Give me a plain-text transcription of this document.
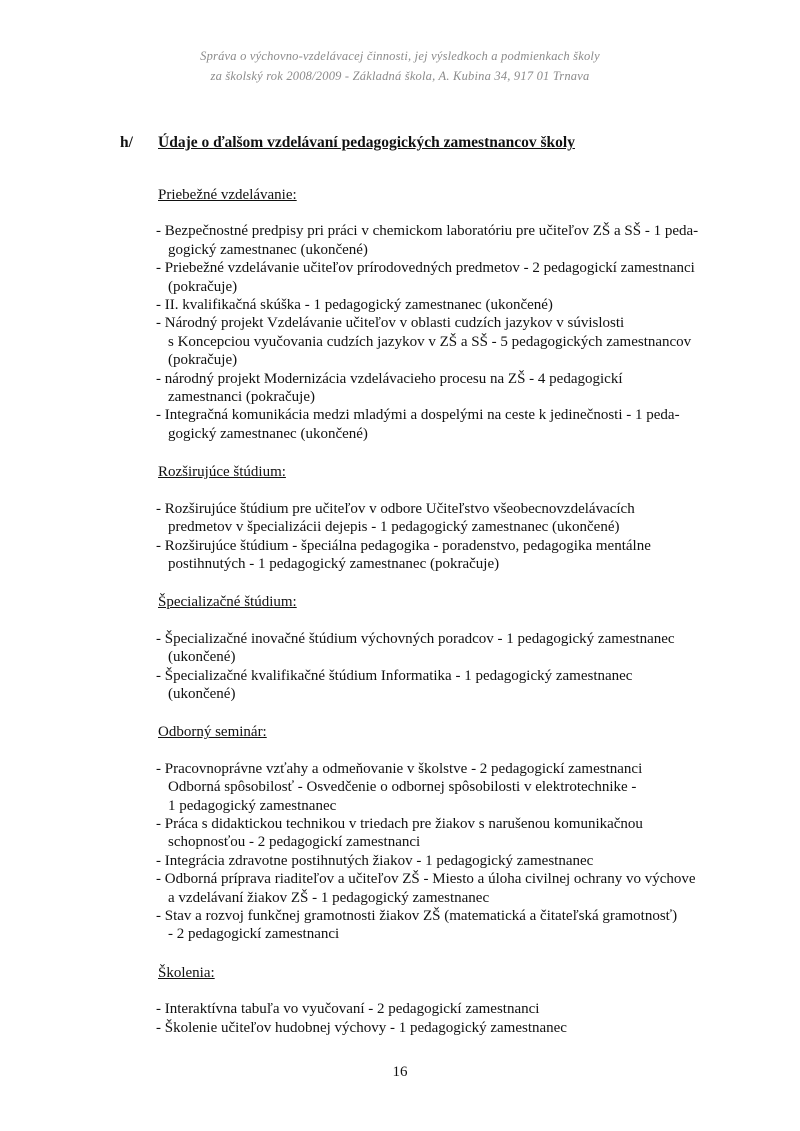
Správa o výchovno-vzdelávacej činnosti, jej výsledkoch a podmienkach školy
za školský rok 2008/2009 - Základná škola, A. Kubina 34, 917 01 Trnava
h/ Údaje o ďalšom vzdelávaní pedagogických zamestnancov školy
Priebežné vzdelávanie:
- Bezpečnostné predpisy pri práci v chemickom laboratóriu pre učiteľov ZŠ a SŠ - 1 peda-
gogický zamestnanec (ukončené)
- Priebežné vzdelávanie učiteľov prírodovedných predmetov - 2 pedagogickí zamestnanci
(pokračuje)
- II. kvalifikačná skúška - 1 pedagogický zamestnanec (ukončené)
- Národný projekt Vzdelávanie učiteľov v oblasti cudzích jazykov v súvislosti
s Koncepciou vyučovania cudzích jazykov v ZŠ a SŠ - 5 pedagogických zamestnancov
(pokračuje)
- národný projekt Modernizácia vzdelávacieho procesu na ZŠ - 4 pedagogickí
zamestnanci (pokračuje)
- Integračná komunikácia medzi mladými a dospelými na ceste k jedinečnosti - 1 peda-
gogický zamestnanec (ukončené)
Rozširujúce štúdium:
- Rozširujúce štúdium pre učiteľov v odbore Učiteľstvo všeobecnovzdelávacích
predmetov v špecializácii dejepis - 1 pedagogický zamestnanec (ukončené)
- Rozširujúce štúdium - špeciálna pedagogika - poradenstvo, pedagogika mentálne
postihnutých - 1 pedagogický zamestnanec (pokračuje)
Špecializačné štúdium:
- Špecializačné inovačné štúdium výchovných poradcov - 1 pedagogický zamestnanec
(ukončené)
- Špecializačné kvalifikačné štúdium Informatika - 1 pedagogický zamestnanec
(ukončené)
Odborný seminár:
- Pracovnoprávne vzťahy a odmeňovanie v školstve - 2 pedagogickí zamestnanci
Odborná spôsobilosť - Osvedčenie o odbornej spôsobilosti v elektrotechnike -
1 pedagogický zamestnanec
- Práca s didaktickou technikou v triedach pre žiakov s narušenou komunikačnou
schopnosťou - 2 pedagogickí zamestnanci
- Integrácia zdravotne postihnutých žiakov - 1 pedagogický zamestnanec
- Odborná príprava riaditeľov a učiteľov ZŠ - Miesto a úloha civilnej ochrany vo výchove
a vzdelávaní žiakov ZŠ - 1 pedagogický zamestnanec
- Stav a rozvoj funkčnej gramotnosti žiakov ZŠ (matematická a čitateľská gramotnosť)
- 2 pedagogickí zamestnanci
Školenia:
- Interaktívna tabuľa vo vyučovaní - 2 pedagogickí zamestnanci
- Školenie učiteľov hudobnej výchovy - 1 pedagogický zamestnanec
16
